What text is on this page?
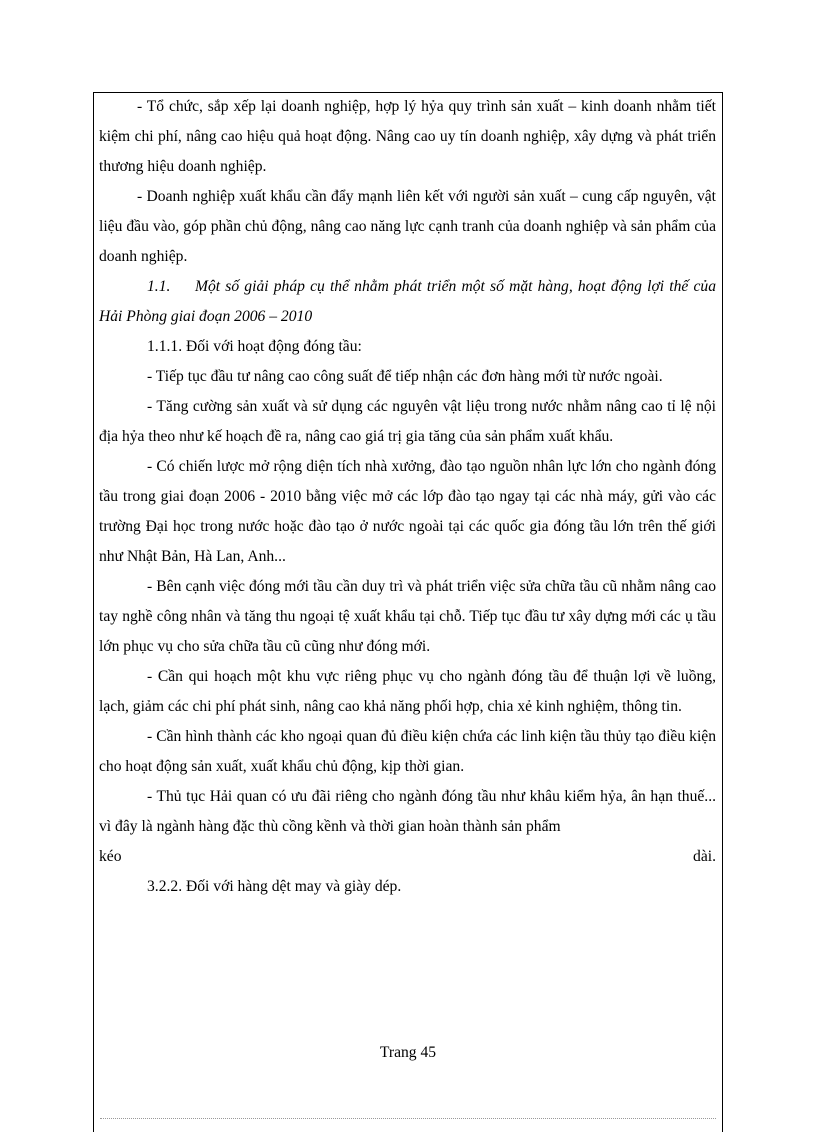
- Tổ chức, sắp xếp lại doanh nghiệp, hợp lý hỷa quy trình sản xuất – kinh doanh nhằm tiết kiệm chi phí, nâng cao hiệu quả hoạt động. Nâng cao uy tín doanh nghiệp, xây dựng và phát triển thương hiệu doanh nghiệp.

- Doanh nghiệp xuất khẩu cần đẩy mạnh liên kết với người sản xuất – cung cấp nguyên, vật liệu đầu vào, góp phần chủ động, nâng cao năng lực cạnh tranh của doanh nghiệp và sản phẩm của doanh nghiệp.

1.1. Một số giải pháp cụ thể nhằm phát triển một số mặt hàng, hoạt động lợi thế của Hải Phòng giai đoạn 2006 – 2010

1.1.1. Đối với hoạt động đóng tầu:

- Tiếp tục đầu tư nâng cao công suất để tiếp nhận các đơn hàng mới từ nước ngoài.

- Tăng cường sản xuất và sử dụng các nguyên vật liệu trong nước nhằm nâng cao tỉ lệ nội địa hỷa theo như kế hoạch đề ra, nâng cao giá trị gia tăng của sản phẩm xuất khẩu.

- Có chiến lược mở rộng diện tích nhà xưởng, đào tạo nguồn nhân lực lớn cho ngành đóng tầu trong giai đoạn 2006 - 2010 bằng việc mở các lớp đào tạo ngay tại các nhà máy, gửi vào các trường Đại học trong nước hoặc đào tạo ở nước ngoài tại các quốc gia đóng tầu lớn trên thế giới như Nhật Bản, Hà Lan, Anh...

- Bên cạnh việc đóng mới tầu cần duy trì và phát triển việc sửa chữa tầu cũ nhằm nâng cao tay nghề công nhân và tăng thu ngoại tệ xuất khẩu tại chỗ. Tiếp tục đầu tư xây dựng mới các ụ tầu lớn phục vụ cho sửa chữa tầu cũ cũng như đóng mới.

- Cần qui hoạch một khu vực riêng phục vụ cho ngành đóng tầu để thuận lợi về luồng, lạch, giảm các chi phí phát sinh, nâng cao khả năng phối hợp, chia xẻ kinh nghiệm, thông tin.

- Cần hình thành các kho ngoại quan đủ điều kiện chứa các linh kiện tầu thủy tạo điều kiện cho hoạt động sản xuất, xuất khẩu chủ động, kịp thời gian.

- Thủ tục Hải quan có ưu đãi riêng cho ngành đóng tầu như khâu kiểm hỷa, ân hạn thuế... vì đây là ngành hàng đặc thù cồng kềnh và thời gian hoàn thành sản phẩm

kéo	dài.

3.2.2. Đối với hàng dệt may và giày dép.

Trang 45
